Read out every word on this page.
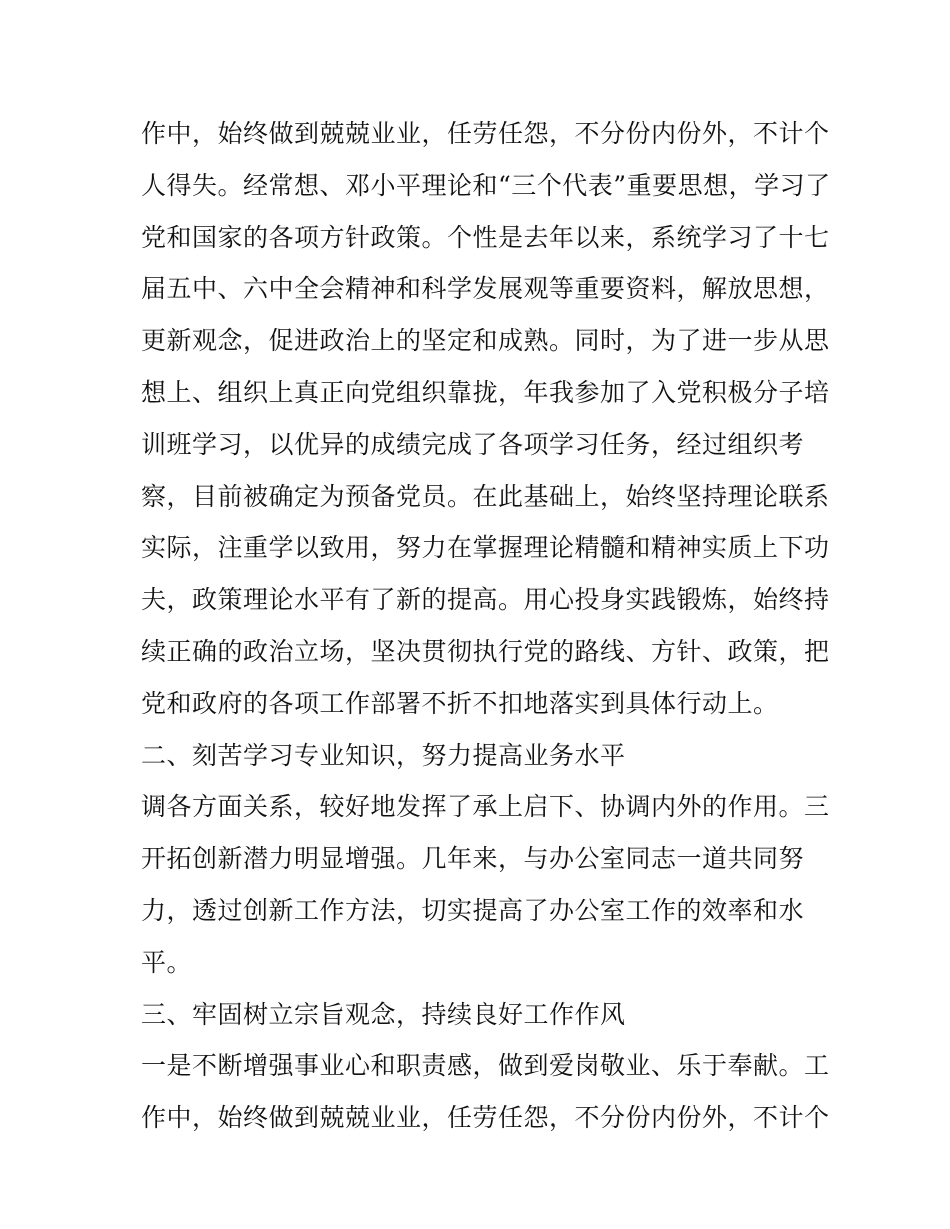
作中，始终做到兢兢业业，任劳任怨，不分份内份外，不计个
人得失。经常想、邓小平理论和“三个代表”重要思想，学习了
党和国家的各项方针政策。个性是去年以来，系统学习了十七
届五中、六中全会精神和科学发展观等重要资料，解放思想，
更新观念，促进政治上的坚定和成熟。同时，为了进一步从思
想上、组织上真正向党组织靠拢，年我参加了入党积极分子培
训班学习，以优异的成绩完成了各项学习任务，经过组织考
察，目前被确定为预备党员。在此基础上，始终坚持理论联系
实际，注重学以致用，努力在掌握理论精髓和精神实质上下功
夫，政策理论水平有了新的提高。用心投身实践锻炼，始终持
续正确的政治立场，坚决贯彻执行党的路线、方针、政策，把
党和政府的各项工作部署不折不扣地落实到具体行动上。
二、刻苦学习专业知识，努力提高业务水平
调各方面关系，较好地发挥了承上启下、协调内外的作用。三
开拓创新潜力明显增强。几年来，与办公室同志一道共同努
力，透过创新工作方法，切实提高了办公室工作的效率和水
平。
三、牢固树立宗旨观念，持续良好工作作风
一是不断增强事业心和职责感，做到爱岗敬业、乐于奉献。工
作中，始终做到兢兢业业，任劳任怨，不分份内份外，不计个
